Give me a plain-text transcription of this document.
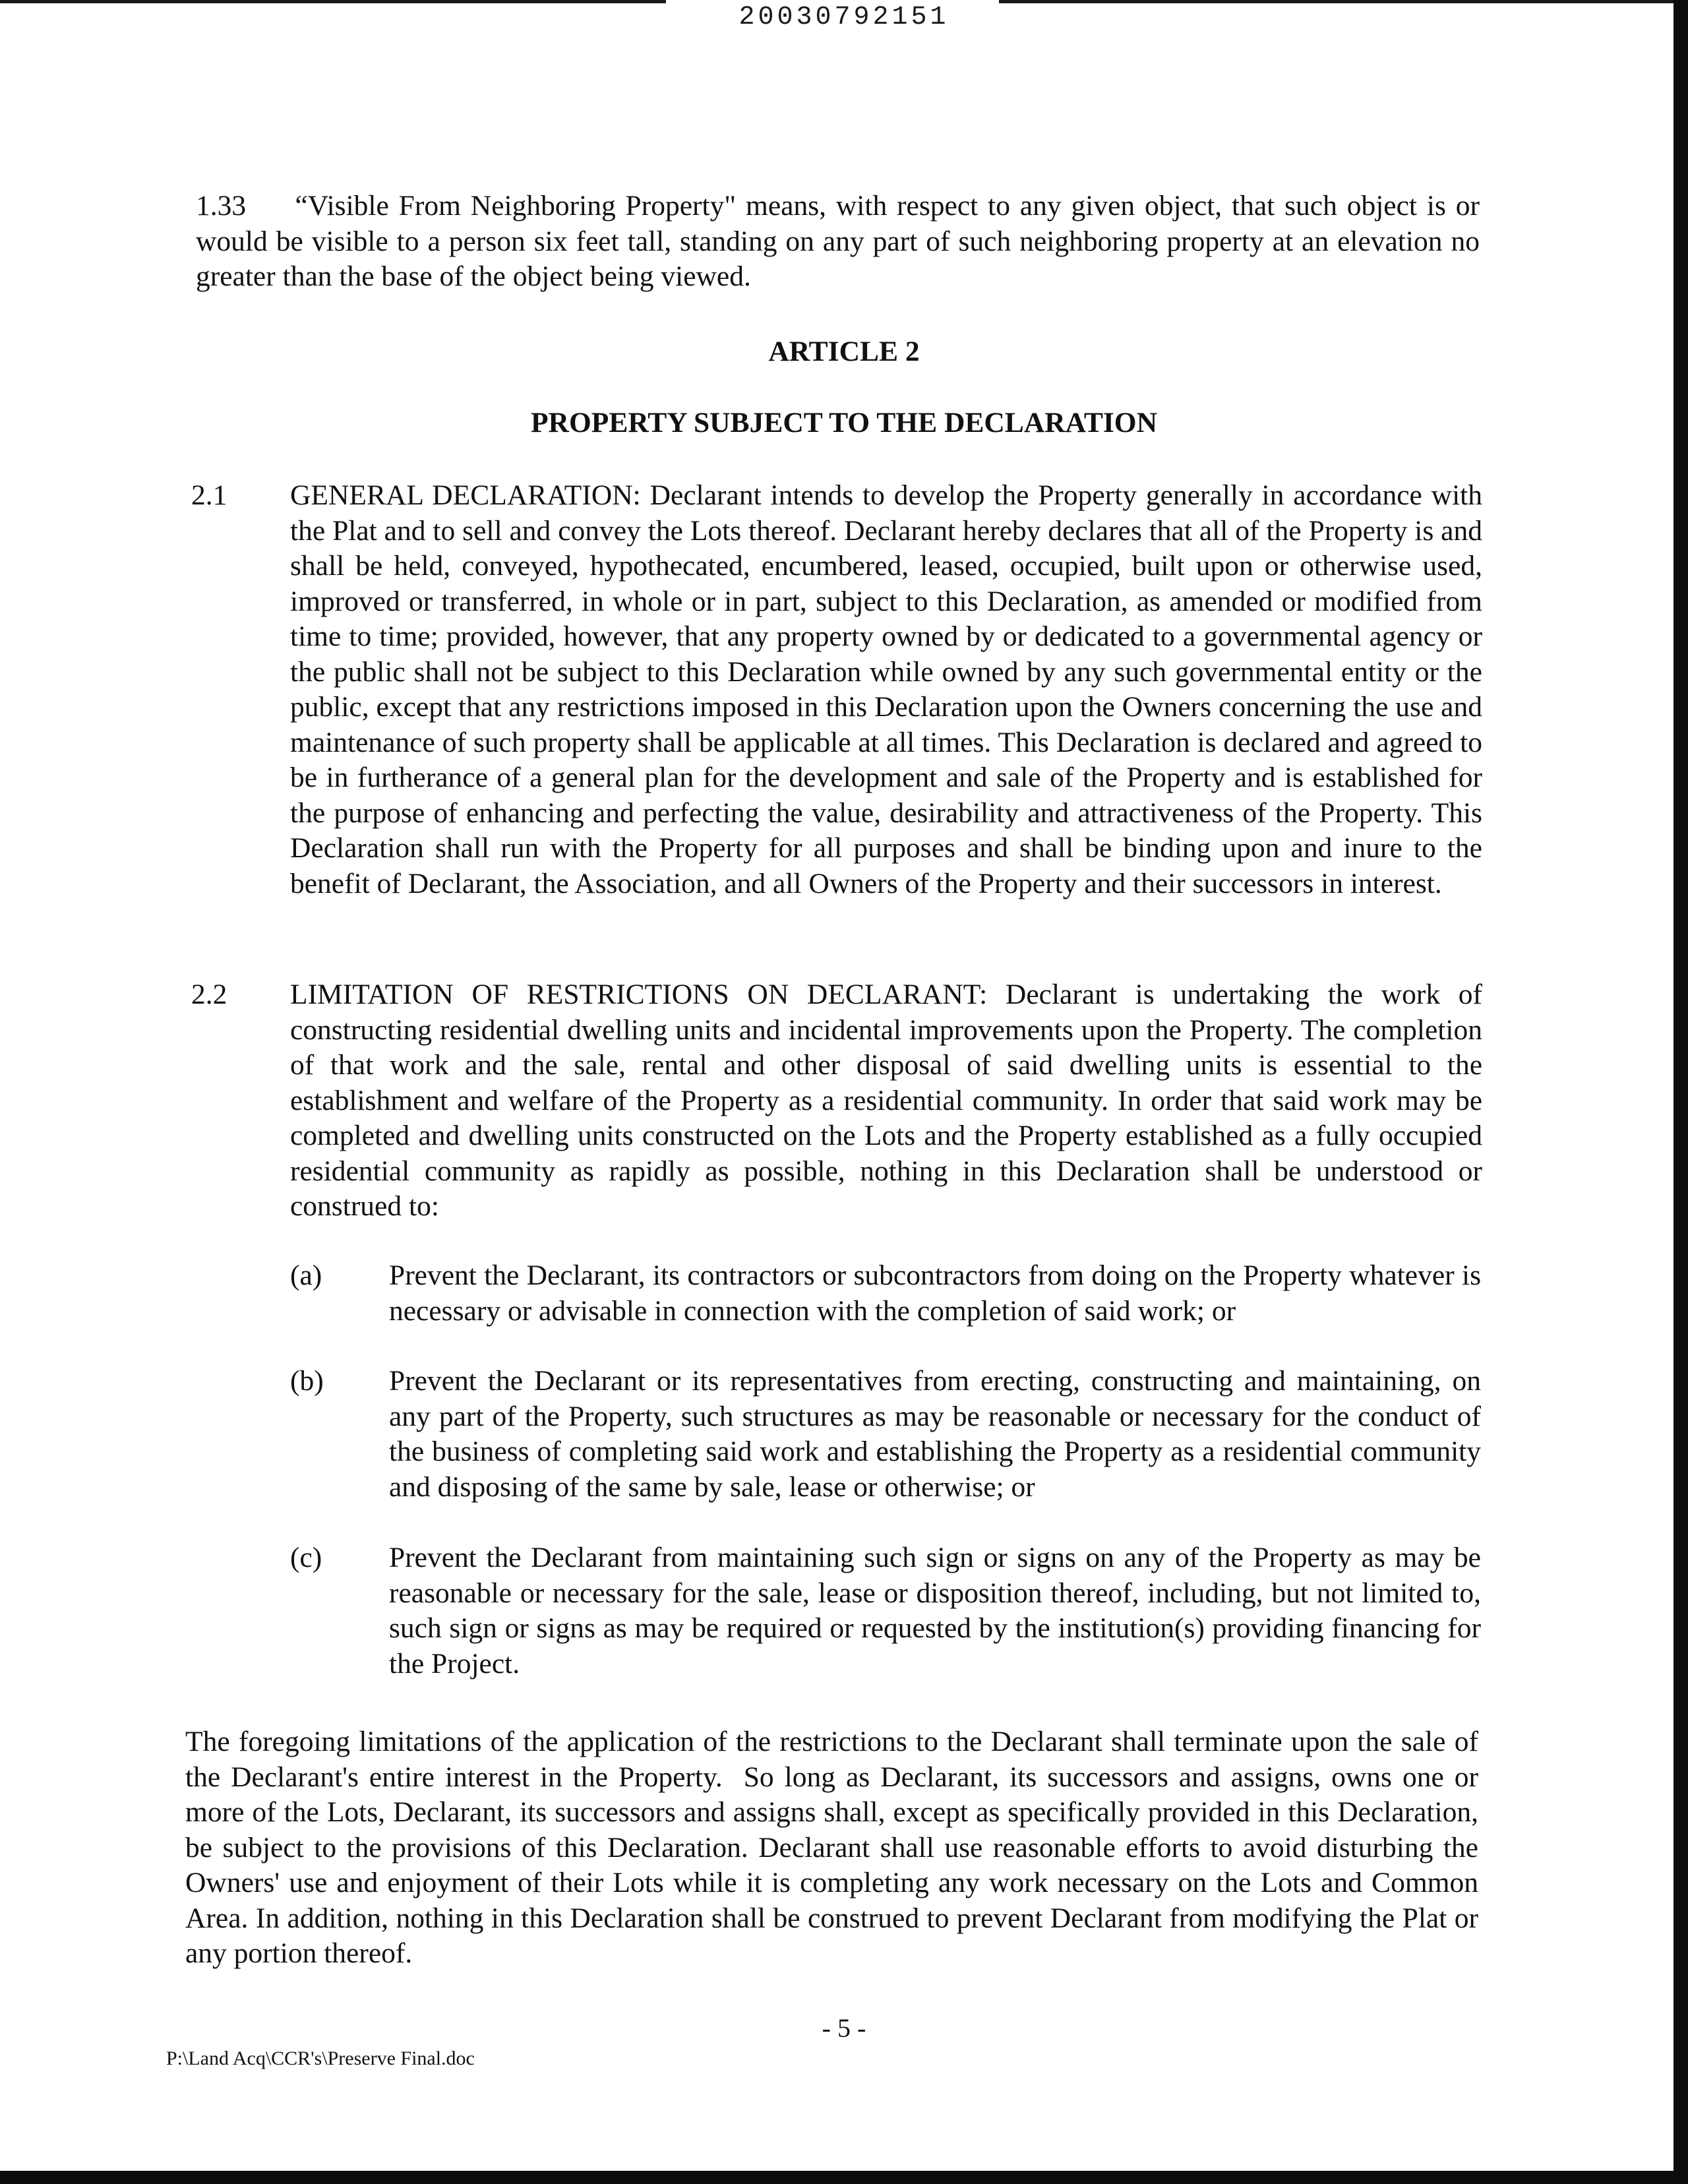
20030792151

1.33     “Visible From Neighboring Property" means, with respect to any given object, that such object is or would be visible to a person six feet tall, standing on any part of such neighboring property at an elevation no greater than the base of the object being viewed.

ARTICLE 2
PROPERTY SUBJECT TO THE DECLARATION
2.1 GENERAL DECLARATION: Declarant intends to develop the Property generally in accordance with the Plat and to sell and convey the Lots thereof. Declarant hereby declares that all of the Property is and shall be held, conveyed, hypothecated, encumbered, leased, occupied, built upon or otherwise used, improved or transferred, in whole or in part, subject to this Declaration, as amended or modified from time to time; provided, however, that any property owned by or dedicated to a governmental agency or the public shall not be subject to this Declaration while owned by any such governmental entity or the public, except that any restrictions imposed in this Declaration upon the Owners concerning the use and maintenance of such property shall be applicable at all times. This Declaration is declared and agreed to be in furtherance of a general plan for the development and sale of the Property and is established for the purpose of enhancing and perfecting the value, desirability and attractiveness of the Property. This Declaration shall run with the Property for all purposes and shall be binding upon and inure to the benefit of Declarant, the Association, and all Owners of the Property and their successors in interest.

2.2 LIMITATION OF RESTRICTIONS ON DECLARANT: Declarant is undertaking the work of constructing residential dwelling units and incidental improvements upon the Property. The completion of that work and the sale, rental and other disposal of said dwelling units is essential to the establishment and welfare of the Property as a residential community. In order that said work may be completed and dwelling units constructed on the Lots and the Property established as a fully occupied residential community as rapidly as possible, nothing in this Declaration shall be understood or construed to:

(a) Prevent the Declarant, its contractors or subcontractors from doing on the Property whatever is necessary or advisable in connection with the completion of said work; or

(b) Prevent the Declarant or its representatives from erecting, constructing and maintaining, on any part of the Property, such structures as may be reasonable or necessary for the conduct of the business of completing said work and establishing the Property as a residential community and disposing of the same by sale, lease or otherwise; or

(c) Prevent the Declarant from maintaining such sign or signs on any of the Property as may be reasonable or necessary for the sale, lease or disposition thereof, including, but not limited to, such sign or signs as may be required or requested by the institution(s) providing financing for the Project.

The foregoing limitations of the application of the restrictions to the Declarant shall terminate upon the sale of the Declarant's entire interest in the Property.  So long as Declarant, its successors and assigns, owns one or more of the Lots, Declarant, its successors and assigns shall, except as specifically provided in this Declaration, be subject to the provisions of this Declaration. Declarant shall use reasonable efforts to avoid disturbing the Owners' use and enjoyment of their Lots while it is completing any work necessary on the Lots and Common Area. In addition, nothing in this Declaration shall be construed to prevent Declarant from modifying the Plat or any portion thereof.

- 5 -
P:\Land Acq\CCR's\Preserve Final.doc
